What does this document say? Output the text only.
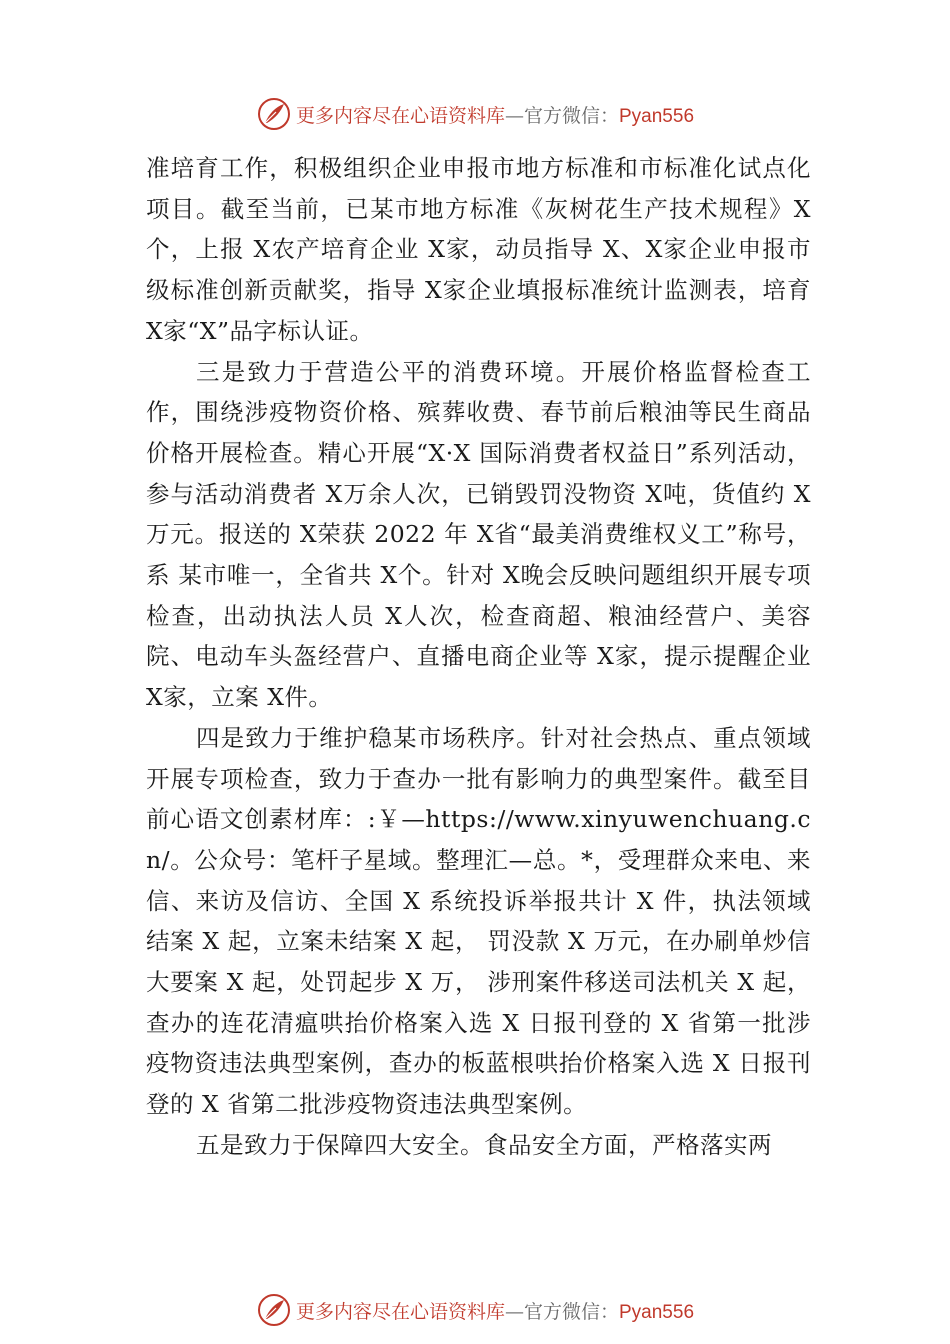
更多内容尽在心语资料库—官方微信：Pyan556

准培育工作，积极组织企业申报市地方标准和市标准化试点化项目。截至当前，已某市地方标准《灰树花生产技术规程》X个，上报 X农产培育企业 X家，动员指导 X、X家企业申报市级标准创新贡献奖，指导 X家企业填报标准统计监测表，培育 X家“X”品字标认证。

三是致力于营造公平的消费环境。开展价格监督检查工作，围绕涉疫物资价格、殡葬收费、春节前后粮油等民生商品价格开展检查。精心开展“X·X 国际消费者权益日”系列活动，参与活动消费者 X万余人次，已销毁罚没物资 X吨，货值约 X万元。报送的 X荣获 2022 年 X省“最美消费维权义工”称号，系 某市唯一，全省共 X个。针对 X晚会反映问题组织开展专项检查，出动执法人员 X人次，检查商超、粮油经营户、美容院、电动车头盔经营户、直播电商企业等 X家，提示提醒企业 X家，立案 X件。

四是致力于维护稳某市场秩序。针对社会热点、重点领域开展专项检查，致力于查办一批有影响力的典型案件。截至目前心语文创素材库：:￥—https://www.xinyuwenchuang.cn/。公众号：笔杆子星域。整理汇—总。*，受理群众来电、来信、来访及信访、全国 X 系统投诉举报共计 X 件，执法领域结案 X 起，立案未结案 X 起， 罚没款 X 万元，在办刷单炒信大要案 X 起，处罚起步 X 万， 涉刑案件移送司法机关 X 起，查办的连花清瘟哄抬价格案入选 X 日报刊登的 X 省第一批涉疫物资违法典型案例，查办的板蓝根哄抬价格案入选 X 日报刊登的 X 省第二批涉疫物资违法典型案例。

五是致力于保障四大安全。食品安全方面，严格落实两

更多内容尽在心语资料库—官方微信：Pyan556
